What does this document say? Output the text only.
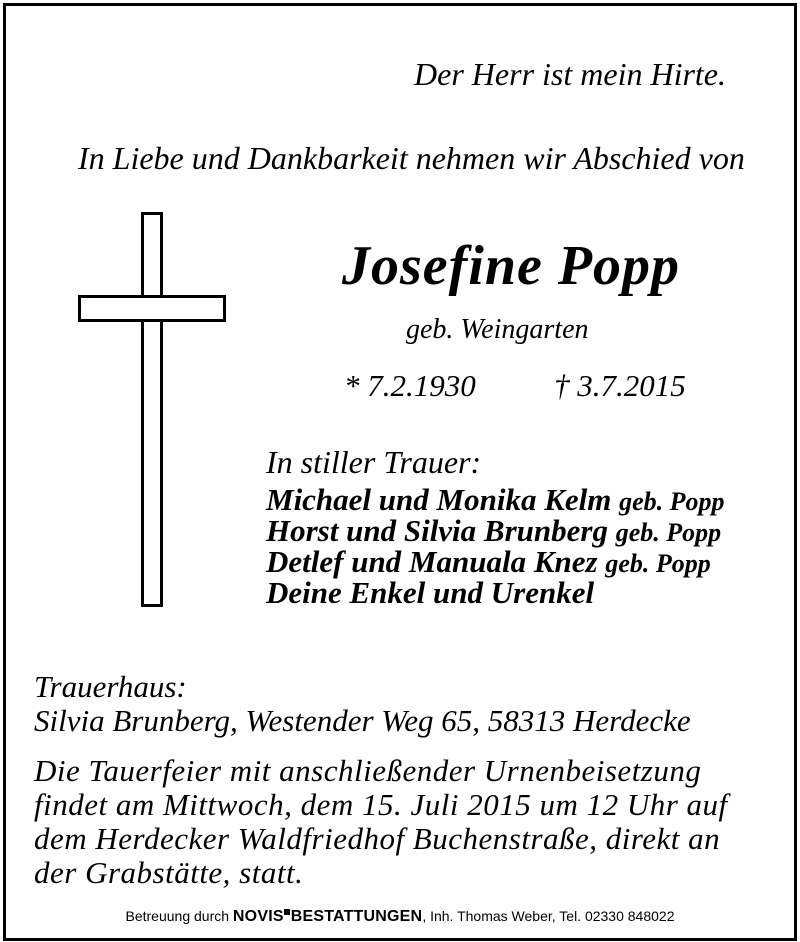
Der Herr ist mein Hirte.

In Liebe und Dankbarkeit nehmen wir Abschied von

Josefine Popp

geb. Weingarten

* 7.2.1930	† 3.7.2015

In stiller Trauer:

Michael und Monika Kelm geb. Popp
Horst und Silvia Brunberg geb. Popp
Detlef und Manuala Knez geb. Popp
Deine Enkel und Urenkel

Trauerhaus:

Silvia Brunberg, Westender Weg 65, 58313 Herdecke

Die Tauerfeier mit anschließender Urnenbeisetzung
findet am Mittwoch, dem 15. Juli 2015 um 12 Uhr auf
dem Herdecker Waldfriedhof Buchenstraße, direkt an
der Grabstätte, statt.

Betreuung durch NOVIS BESTATTUNGEN, Inh. Thomas Weber, Tel. 02330 848022
